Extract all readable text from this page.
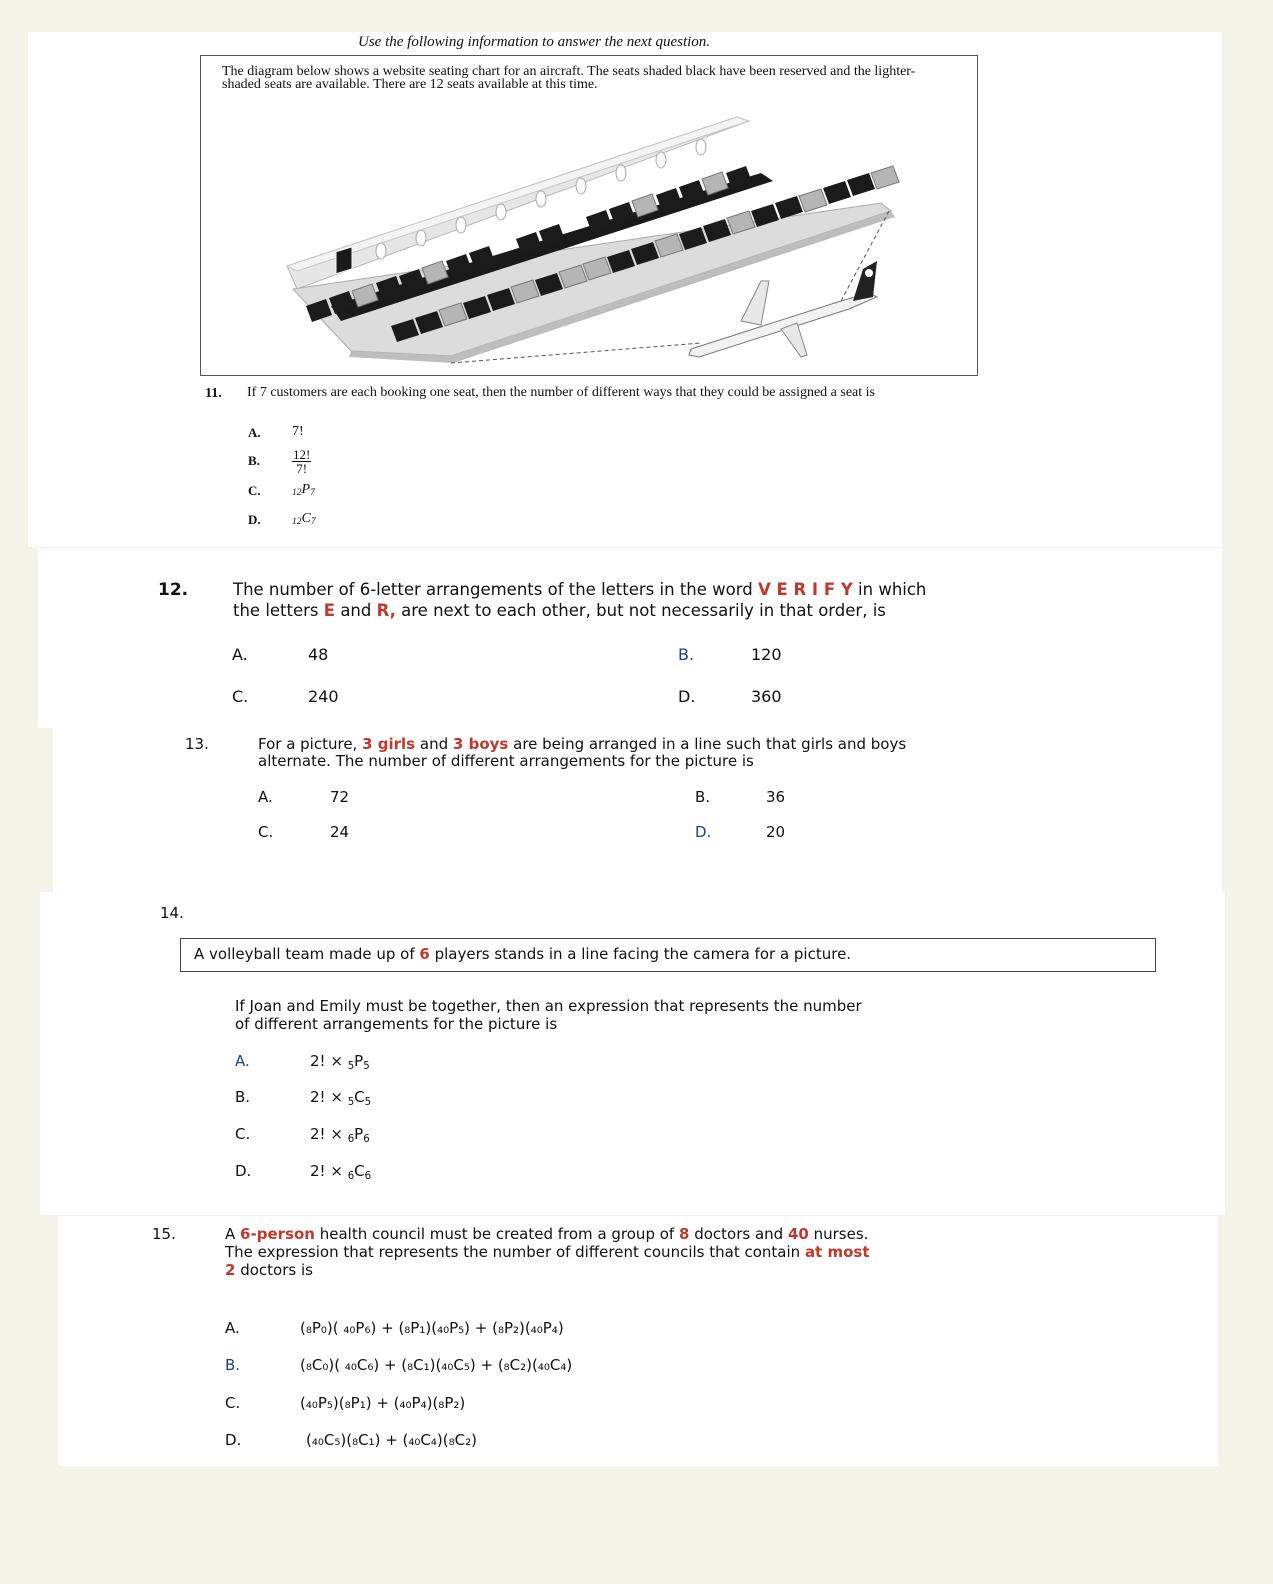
Use the following information to answer the next question.
The diagram below shows a website seating chart for an aircraft. The seats shaded black have been reserved and the lighter-shaded seats are available. There are 12 seats available at this time.
11. If 7 customers are each booking one seat, then the number of different ways that they could be assigned a seat is
A. 7!
B. $\frac{12!}{7!}$
C.	12P7
D.	12C7
12.	The number of 6-letter arrangements of the letters in the word V E R I F Y in which
the letters E and R, are next to each other, but not necessarily in that order, is
A.	48	B.	120
C.	240	D.	360
13.	For a picture, 3 girls and 3 boys are being arranged in a line such that girls and boys
alternate. The number of different arrangements for the picture is
A.	72	B.	36
C.	24	D.	20
14.
A volleyball team made up of 6 players stands in a line facing the camera for a picture.
If Joan and Emily must be together, then an expression that represents the number
of different arrangements for the picture is
A.	2! × 5P5
B.	2! × 5C5
C.	2! × 6P6
D.	2! × 6C6
15.	A 6-person health council must be created from a group of 8 doctors and 40 nurses.
The expression that represents the number of different councils that contain at most
2 doctors is
A.	(₈P₀)( ₄₀P₆) + (₈P₁)(₄₀P₅) + (₈P₂)(₄₀P₄)
B.	(₈C₀)( ₄₀C₆) + (₈C₁)(₄₀C₅) + (₈C₂)(₄₀C₄)
C.	(₄₀P₅)(₈P₁) + (₄₀P₄)(₈P₂)
D.	(₄₀C₅)(₈C₁) + (₄₀C₄)(₈C₂)
